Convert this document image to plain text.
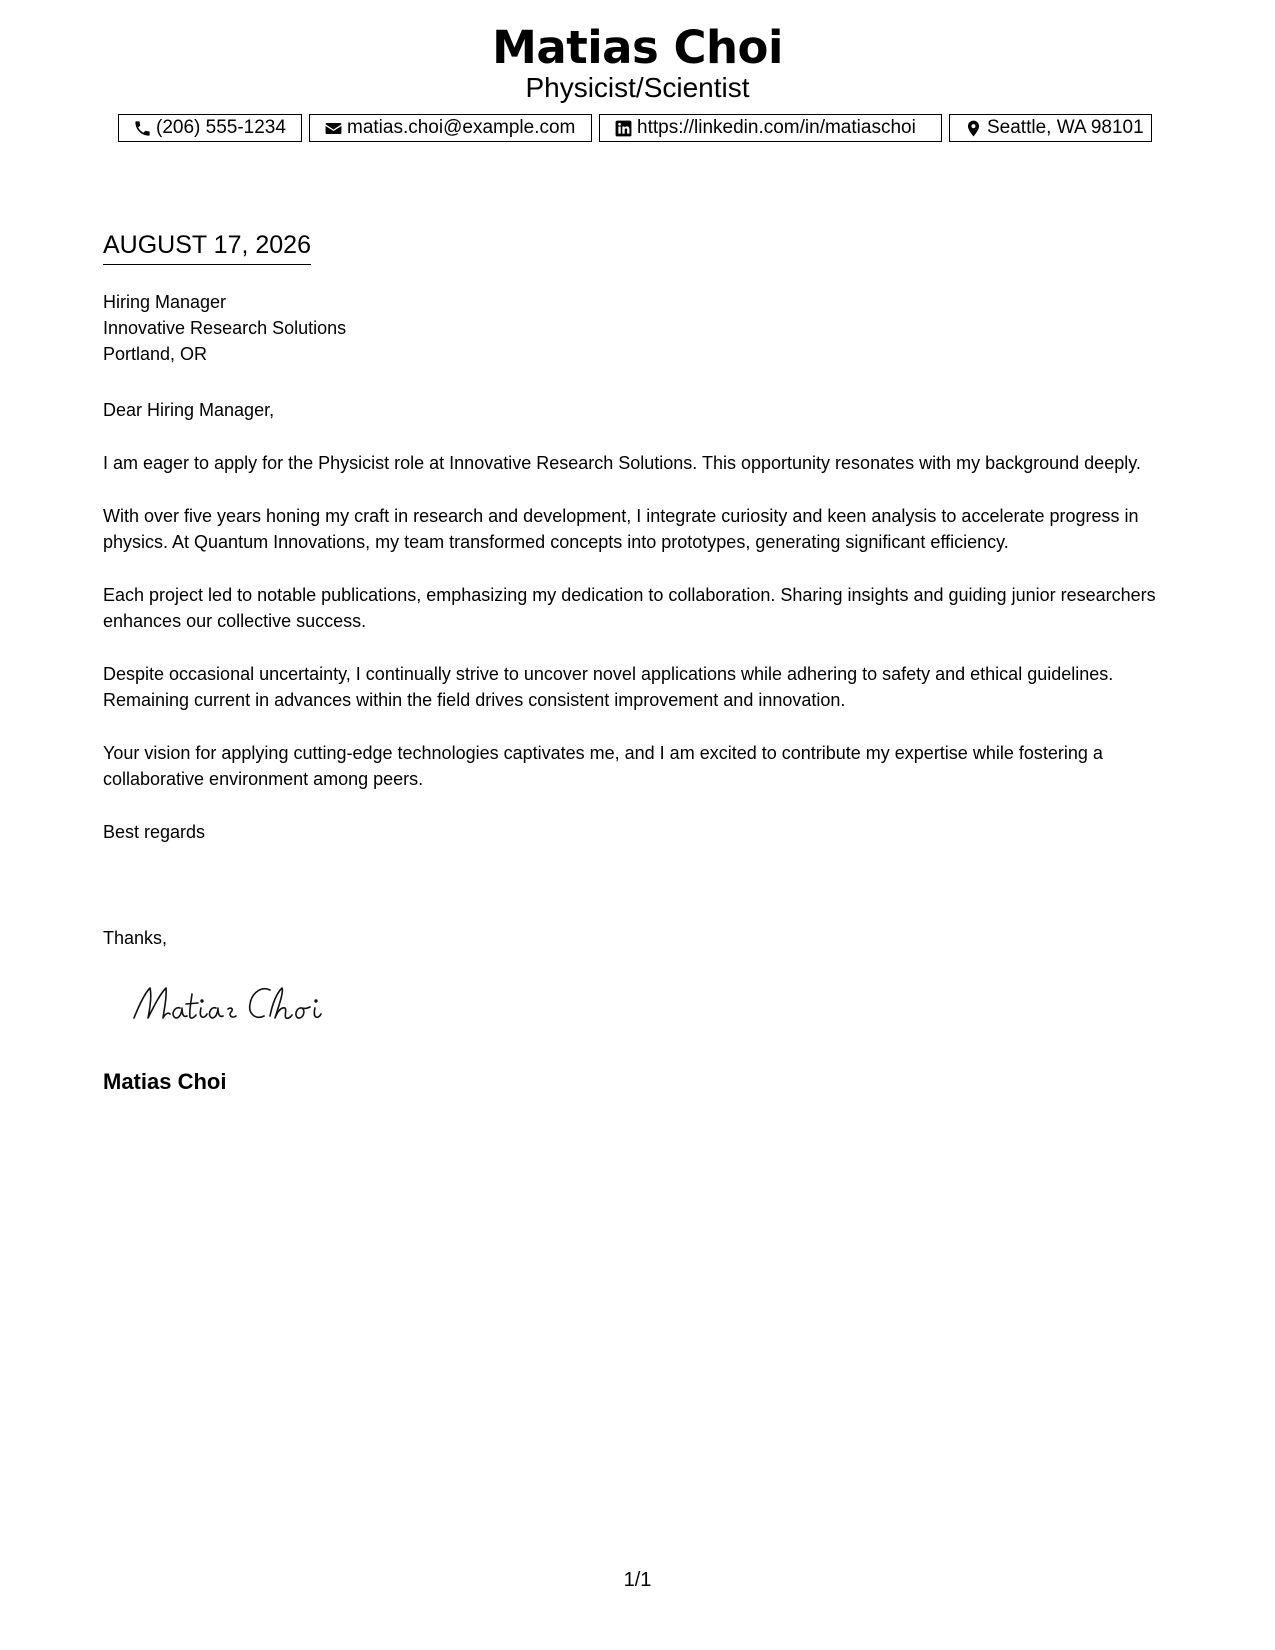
Matias Choi
Physicist/Scientist
(206) 555-1234	matias.choi@example.com	https://linkedin.com/in/matiaschoi	Seattle, WA 98101
AUGUST 17, 2026
Hiring Manager
Innovative Research Solutions
Portland, OR

Dear Hiring Manager,

I am eager to apply for the Physicist role at Innovative Research Solutions. This opportunity resonates with my background deeply.

With over five years honing my craft in research and development, I integrate curiosity and keen analysis to accelerate progress in physics. At Quantum Innovations, my team transformed concepts into prototypes, generating significant efficiency.

Each project led to notable publications, emphasizing my dedication to collaboration. Sharing insights and guiding junior researchers enhances our collective success.

Despite occasional uncertainty, I continually strive to uncover novel applications while adhering to safety and ethical guidelines. Remaining current in advances within the field drives consistent improvement and innovation.

Your vision for applying cutting-edge technologies captivates me, and I am excited to contribute my expertise while fostering a collaborative environment among peers.

Best regards

Thanks,
Matias Choi
1/1
